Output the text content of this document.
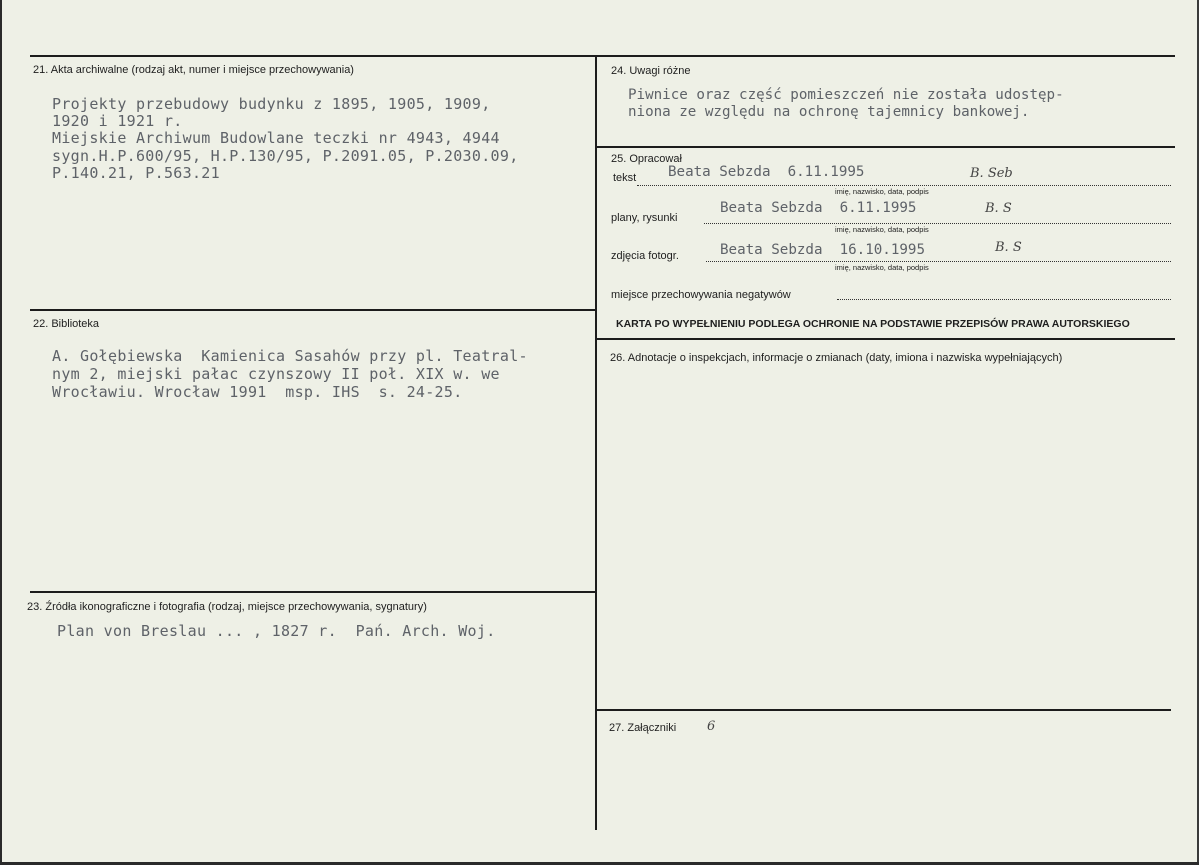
21. Akta archiwalne (rodzaj akt, numer i miejsce przechowywania)
Projekty przebudowy budynku z 1895, 1905, 1909,
1920 i 1921 r.
Miejskie Archiwum Budowlane teczki nr 4943, 4944
sygn.H.P.600/95, H.P.130/95, P.2091.05, P.2030.09,
P.140.21, P.563.21
22. Biblioteka
A. Gołębiewska  Kamienica Sasahów przy pl. Teatral-
nym 2, miejski pałac czynszowy II poł. XIX w. we
Wrocławiu. Wrocław 1991  msp. IHS  s. 24-25.
23. Źródła ikonograficzne i fotografia (rodzaj, miejsce przechowywania, sygnatury)
Plan von Breslau ... , 1827 r.  Pań. Arch. Woj.
24. Uwagi różne
Piwnice oraz część pomieszczeń nie została udostęp-
niona ze względu na ochronę tajemnicy bankowej.
25. Opracował
tekst Beata Sebzda  6.11.1995	B. Seb
imię, nazwisko, data, podpis
plany, rysunki
Beata Sebzda  6.11.1995	B. S
imię, nazwisko, data, podpis
zdjęcia fotogr.	Beata Sebzda  16.10.1995	B. S
imię, nazwisko, data, podpis
miejsce przechowywania negatywów
KARTA PO WYPEŁNIENIU PODLEGA OCHRONIE NA PODSTAWIE PRZEPISÓW PRAWA AUTORSKIEGO
26. Adnotacje o inspekcjach, informacje o zmianach (daty, imiona i nazwiska wypełniających)
27. Załączniki 6
